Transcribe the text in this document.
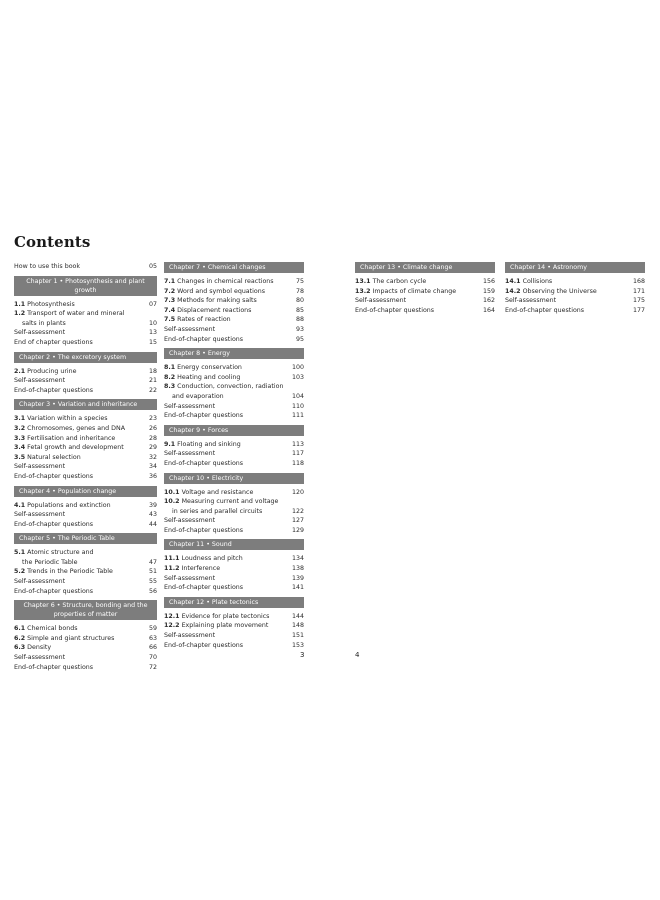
Contents
How to use this book	05
Chapter 1 • Photosynthesis and plant growth
1.1 Photosynthesis	07
1.2 Transport of water and mineral
salts in plants	10
Self-assessment	13
End of chapter questions	15
Chapter 2 • The excretory system
2.1 Producing urine	18
Self-assessment	21
End-of-chapter questions	22
Chapter 3 • Variation and inheritance
3.1 Variation within a species	23
3.2 Chromosomes, genes and DNA	26
3.3 Fertilisation and inheritance	28
3.4 Fetal growth and development	29
3.5 Natural selection	32
Self-assessment	34
End-of-chapter questions	36
Chapter 4 • Population change
4.1 Populations and extinction	39
Self-assessment	43
End-of-chapter questions	44
Chapter 5 • The Periodic Table
5.1 Atomic structure and
the Periodic Table	47
5.2 Trends in the Periodic Table	51
Self-assessment	55
End-of-chapter questions	56
Chapter 6 • Structure, bonding and the properties of matter
6.1 Chemical bonds	59
6.2 Simple and giant structures	63
6.3 Density	66
Self-assessment	70
End-of-chapter questions	72
Chapter 7 • Chemical changes
7.1 Changes in chemical reactions	75
7.2 Word and symbol equations	78
7.3 Methods for making salts	80
7.4 Displacement reactions	85
7.5 Rates of reaction	88
Self-assessment	93
End-of-chapter questions	95
Chapter 8 • Energy
8.1 Energy conservation	100
8.2 Heating and cooling	103
8.3 Conduction, convection, radiation
and evaporation	104
Self-assessment	110
End-of-chapter questions	111
Chapter 9 • Forces
9.1 Floating and sinking	113
Self-assessment	117
End-of-chapter questions	118
Chapter 10 • Electricity
10.1 Voltage and resistance	120
10.2 Measuring current and voltage
in series and parallel circuits	122
Self-assessment	127
End-of-chapter questions	129
Chapter 11 • Sound
11.1 Loudness and pitch	134
11.2 Interference	138
Self-assessment	139
End-of-chapter questions	141
Chapter 12 • Plate tectonics
12.1 Evidence for plate tectonics	144
12.2 Explaining plate movement	148
Self-assessment	151
End-of-chapter questions	153
Chapter 13 • Climate change
13.1 The carbon cycle	156
13.2 Impacts of climate change	159
Self-assessment	162
End-of-chapter questions	164
Chapter 14 • Astronomy
14.1 Collisions	168
14.2 Observing the Universe	171
Self-assessment	175
End-of-chapter questions	177
3	4
